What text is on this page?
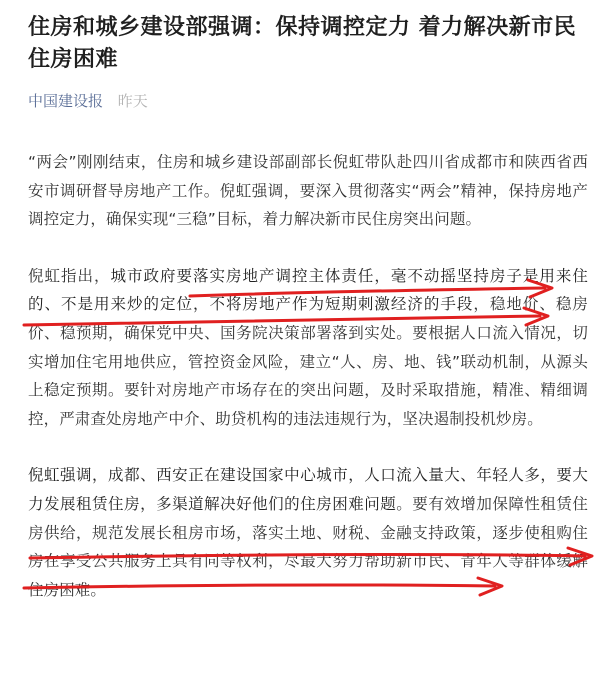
住房和城乡建设部强调：保持调控定力 着力解决新市民住房困难
中国建设报 昨天

“两会”刚刚结束，住房和城乡建设部副部长倪虹带队赴四川省成都市和陕西省西安市调研督导房地产工作。倪虹强调，要深入贯彻落实“两会”精神，保持房地产调控定力，确保实现“三稳”目标，着力解决新市民住房突出问题。

倪虹指出，城市政府要落实房地产调控主体责任，毫不动摇坚持房子是用来住的、不是用来炒的定位，不将房地产作为短期刺激经济的手段，稳地价、稳房价、稳预期，确保党中央、国务院决策部署落到实处。要根据人口流入情况，切实增加住宅用地供应，管控资金风险，建立“人、房、地、钱”联动机制，从源头上稳定预期。要针对房地产市场存在的突出问题，及时采取措施，精准、精细调控，严肃查处房地产中介、助贷机构的违法违规行为，坚决遏制投机炒房。

倪虹强调，成都、西安正在建设国家中心城市，人口流入量大、年轻人多，要大力发展租赁住房，多渠道解决好他们的住房困难问题。要有效增加保障性租赁住房供给，规范发展长租房市场，落实土地、财税、金融支持政策，逐步使租购住房在享受公共服务上具有同等权利，尽最大努力帮助新市民、青年人等群体缓解住房困难。
